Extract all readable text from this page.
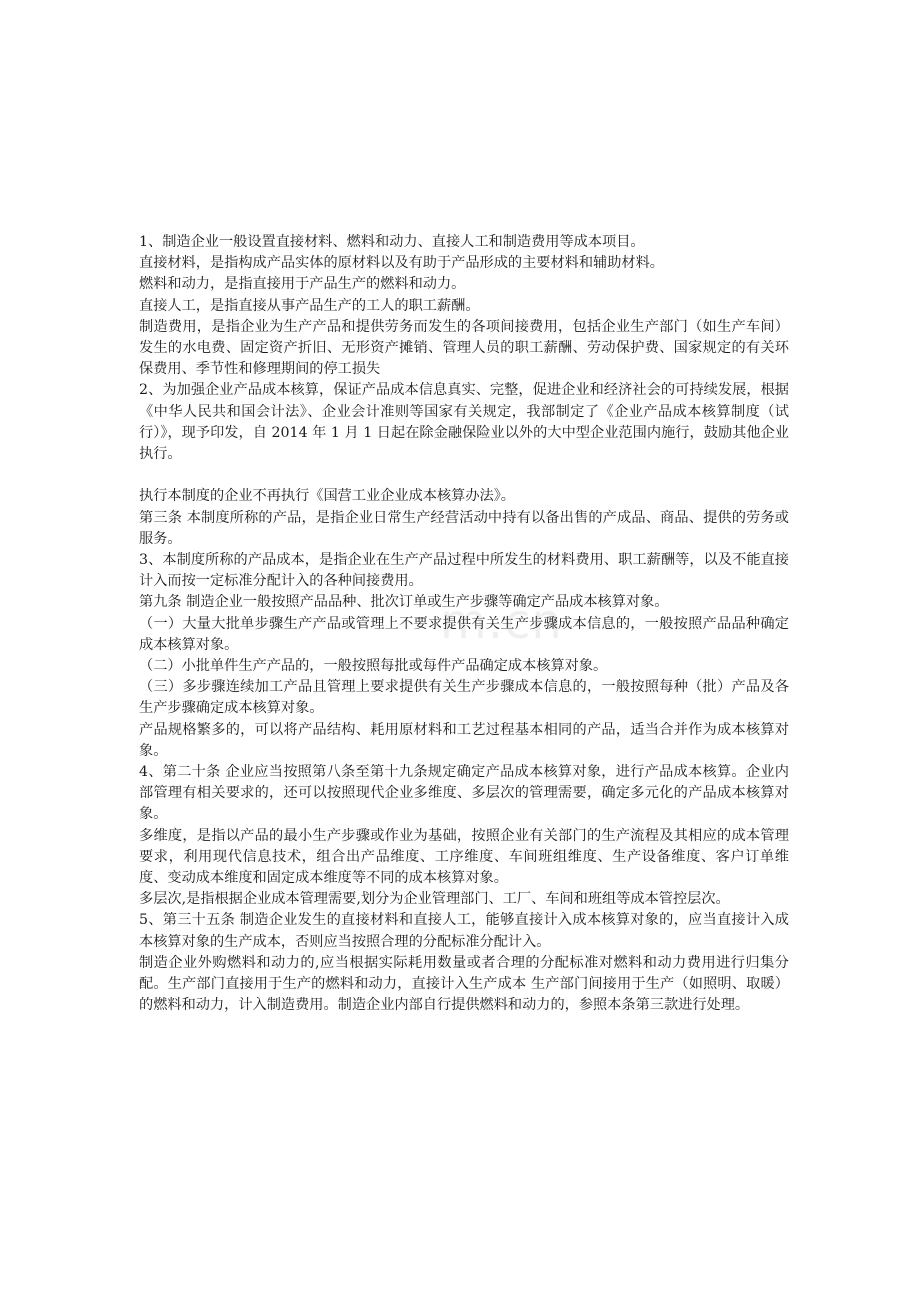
m.cn

1、制造企业一般设置直接材料、燃料和动力、直接人工和制造费用等成本项目。

直接材料，是指构成产品实体的原材料以及有助于产品形成的主要材料和辅助材料。

燃料和动力，是指直接用于产品生产的燃料和动力。

直接人工，是指直接从事产品生产的工人的职工薪酬。

制造费用，是指企业为生产产品和提供劳务而发生的各项间接费用，包括企业生产部门（如生产车间）发生的水电费、固定资产折旧、无形资产摊销、管理人员的职工薪酬、劳动保护费、国家规定的有关环保费用、季节性和修理期间的停工损失

2、为加强企业产品成本核算，保证产品成本信息真实、完整，促进企业和经济社会的可持续发展，根据《中华人民共和国会计法》、企业会计准则等国家有关规定，我部制定了《企业产品成本核算制度（试行）》，现予印发，自 2014 年 1 月 1 日起在除金融保险业以外的大中型企业范围内施行，鼓励其他企业执行。

执行本制度的企业不再执行《国营工业企业成本核算办法》。

第三条 本制度所称的产品，是指企业日常生产经营活动中持有以备出售的产成品、商品、提供的劳务或服务。

3、本制度所称的产品成本，是指企业在生产产品过程中所发生的材料费用、职工薪酬等，以及不能直接计入而按一定标准分配计入的各种间接费用。

第九条 制造企业一般按照产品品种、批次订单或生产步骤等确定产品成本核算对象。

（一）大量大批单步骤生产产品或管理上不要求提供有关生产步骤成本信息的，一般按照产品品种确定成本核算对象。

（二）小批单件生产产品的，一般按照每批或每件产品确定成本核算对象。

（三）多步骤连续加工产品且管理上要求提供有关生产步骤成本信息的，一般按照每种（批）产品及各生产步骤确定成本核算对象。

产品规格繁多的，可以将产品结构、耗用原材料和工艺过程基本相同的产品，适当合并作为成本核算对象。

4、第二十条 企业应当按照第八条至第十九条规定确定产品成本核算对象，进行产品成本核算。企业内部管理有相关要求的，还可以按照现代企业多维度、多层次的管理需要，确定多元化的产品成本核算对象。

多维度，是指以产品的最小生产步骤或作业为基础，按照企业有关部门的生产流程及其相应的成本管理要求，利用现代信息技术，组合出产品维度、工序维度、车间班组维度、生产设备维度、客户订单维度、变动成本维度和固定成本维度等不同的成本核算对象。

多层次,是指根据企业成本管理需要,划分为企业管理部门、工厂、车间和班组等成本管控层次。

5、第三十五条 制造企业发生的直接材料和直接人工，能够直接计入成本核算对象的，应当直接计入成本核算对象的生产成本，否则应当按照合理的分配标准分配计入。

制造企业外购燃料和动力的,应当根据实际耗用数量或者合理的分配标准对燃料和动力费用进行归集分配。生产部门直接用于生产的燃料和动力，直接计入生产成本 生产部门间接用于生产（如照明、取暖）的燃料和动力，计入制造费用。制造企业内部自行提供燃料和动力的，参照本条第三款进行处理。
